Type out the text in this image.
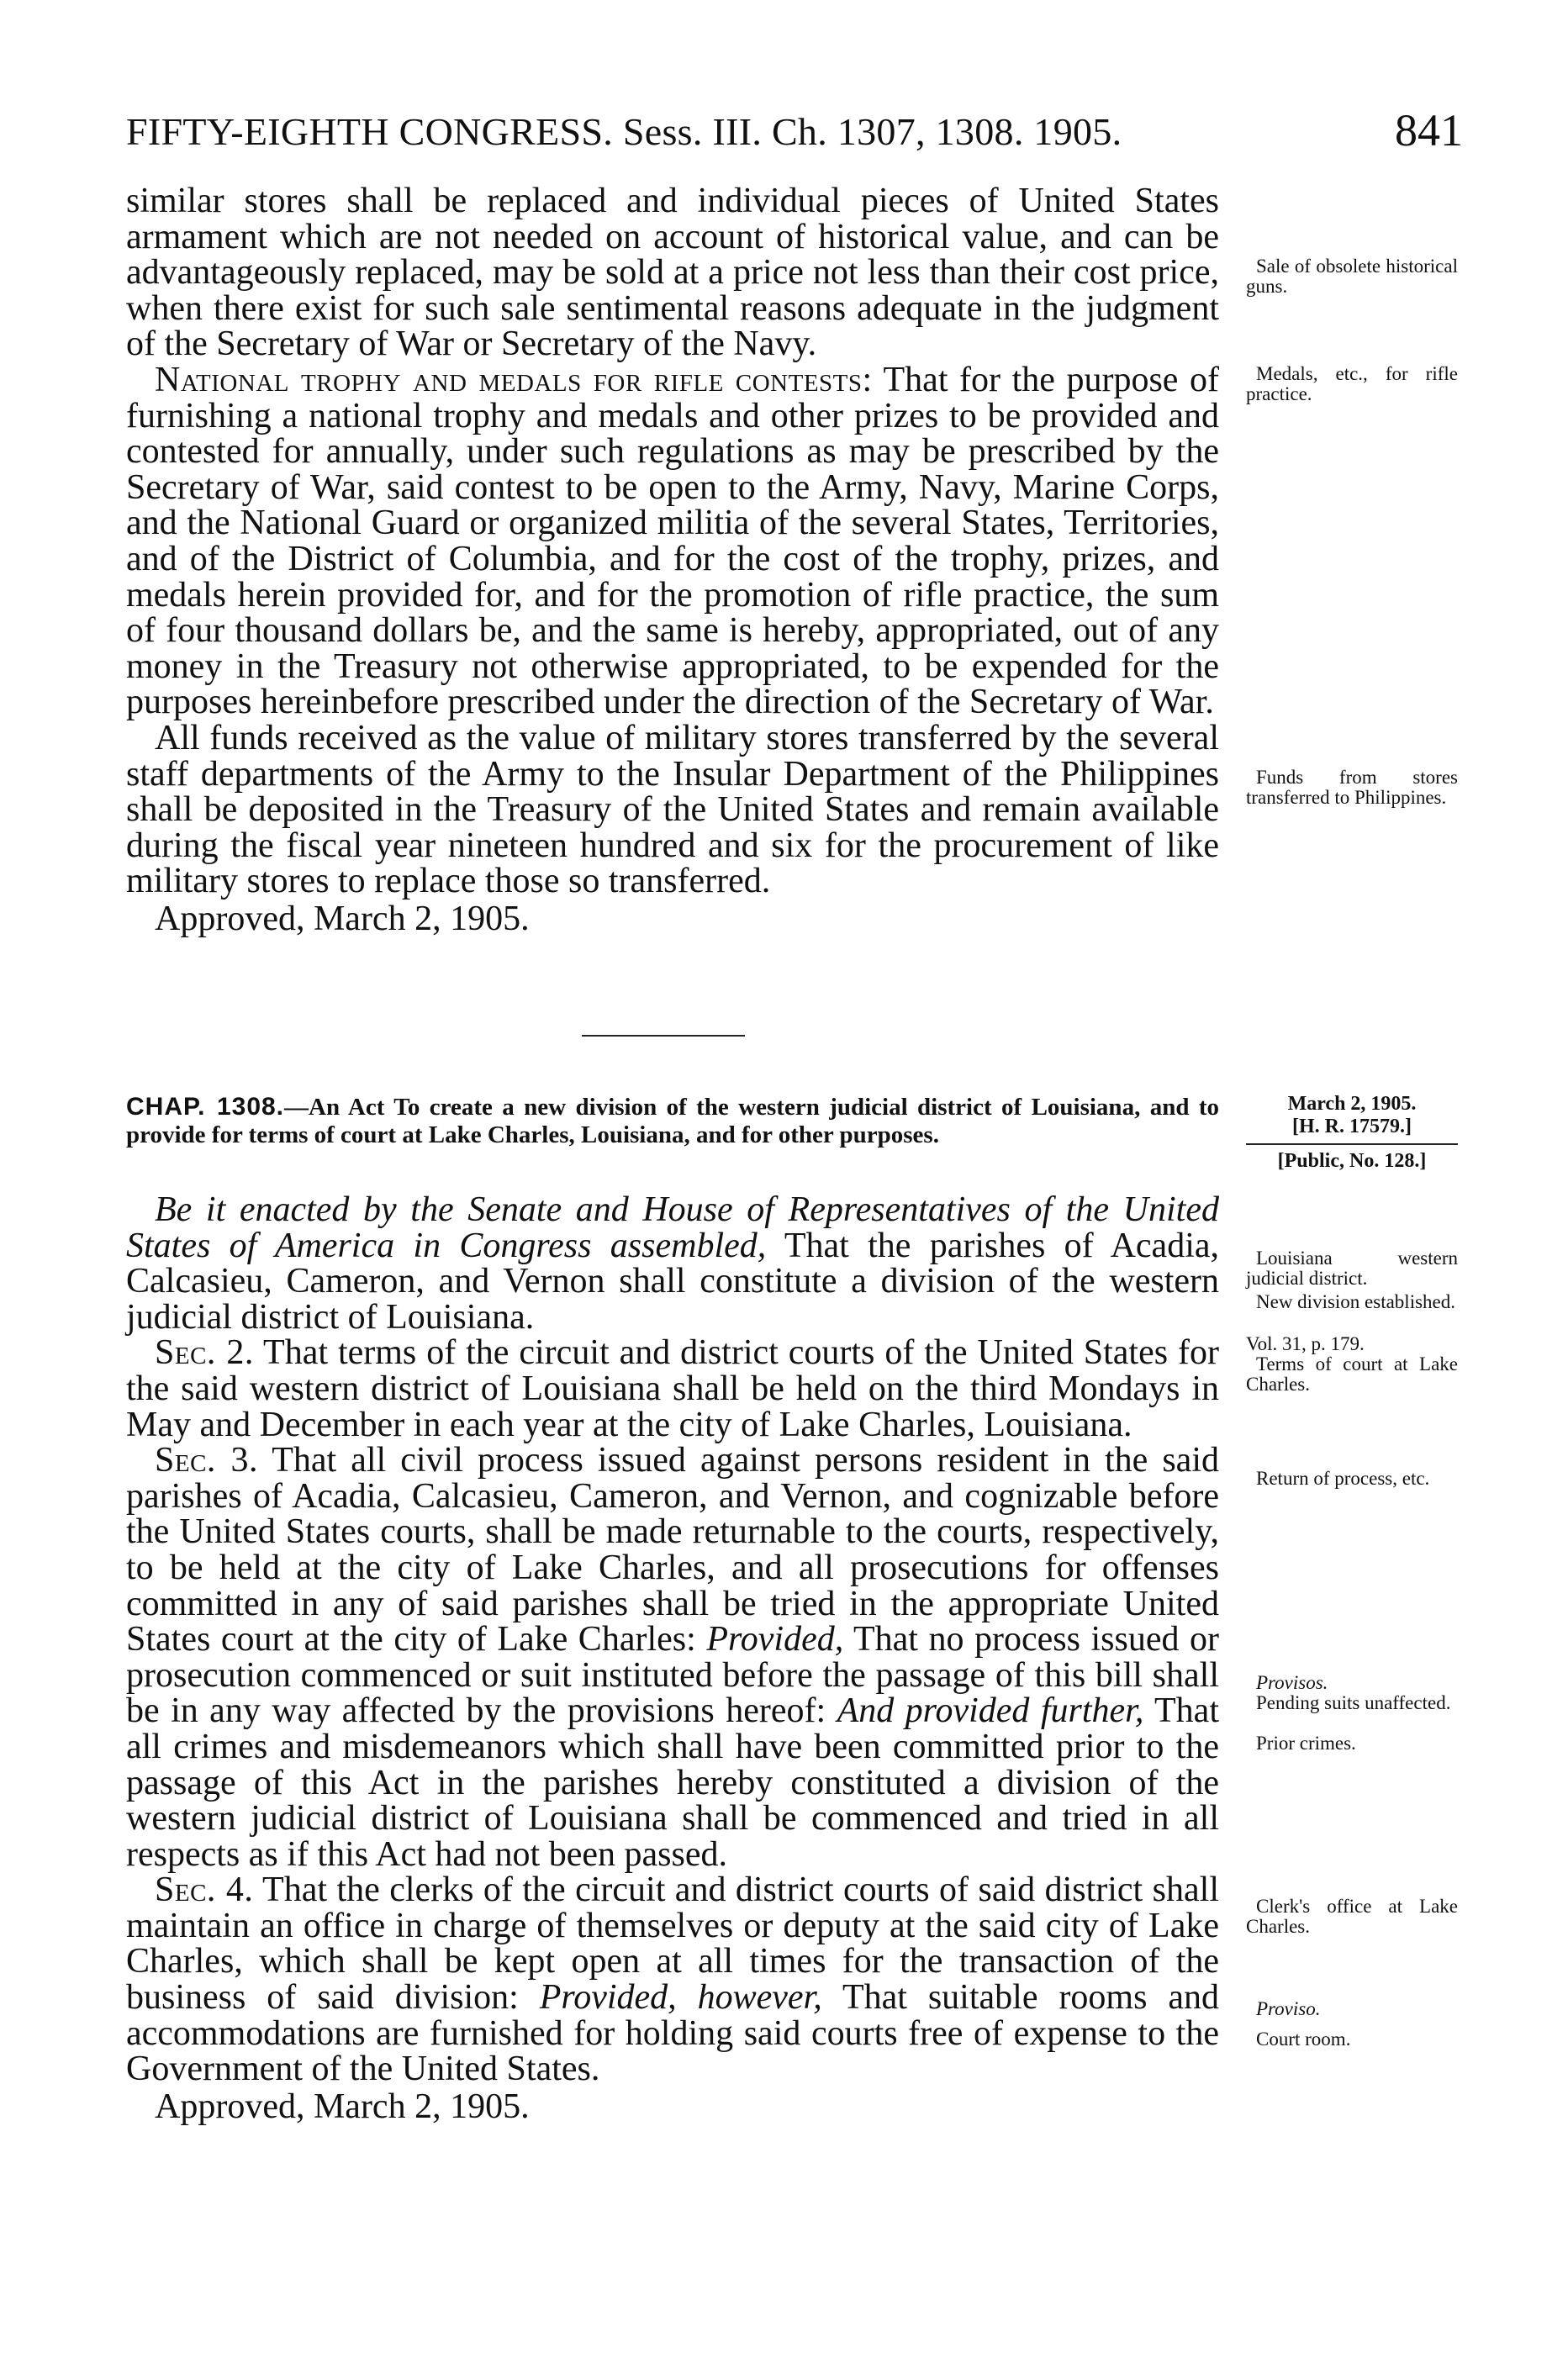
FIFTY-EIGHTH CONGRESS. Sess. III. Ch. 1307, 1308. 1905.	841

similar stores shall be replaced and individual pieces of United States armament which are not needed on account of historical value, and can be advantageously replaced, may be sold at a price not less than their cost price, when there exist for such sale sentimental reasons adequate in the judgment of the Secretary of War or Secretary of the Navy.

National trophy and medals for rifle contests: That for the purpose of furnishing a national trophy and medals and other prizes to be provided and contested for annually, under such regulations as may be prescribed by the Secretary of War, said contest to be open to the Army, Navy, Marine Corps, and the National Guard or organized militia of the several States, Territories, and of the District of Columbia, and for the cost of the trophy, prizes, and medals herein provided for, and for the promotion of rifle practice, the sum of four thousand dollars be, and the same is hereby, appropriated, out of any money in the Treasury not otherwise appropriated, to be expended for the purposes hereinbefore prescribed under the direction of the Secretary of War.

All funds received as the value of military stores transferred by the several staff departments of the Army to the Insular Department of the Philippines shall be deposited in the Treasury of the United States and remain available during the fiscal year nineteen hundred and six for the procurement of like military stores to replace those so transferred.

Approved, March 2, 1905.

Sale of obsolete historical guns.
Medals, etc., for rifle practice.
Funds from stores transferred to Philippines.
CHAP. 1308.—An Act To create a new division of the western judicial district of Louisiana, and to provide for terms of court at Lake Charles, Louisiana, and for other purposes.
March 2, 1905.
[H. R. 17579.]
[Public, No. 128.]

Be it enacted by the Senate and House of Representatives of the United States of America in Congress assembled, That the parishes of Acadia, Calcasieu, Cameron, and Vernon shall constitute a division of the western judicial district of Louisiana.

Sec. 2. That terms of the circuit and district courts of the United States for the said western district of Louisiana shall be held on the third Mondays in May and December in each year at the city of Lake Charles, Louisiana.

Sec. 3. That all civil process issued against persons resident in the said parishes of Acadia, Calcasieu, Cameron, and Vernon, and cognizable before the United States courts, shall be made returnable to the courts, respectively, to be held at the city of Lake Charles, and all prosecutions for offenses committed in any of said parishes shall be tried in the appropriate United States court at the city of Lake Charles: Provided, That no process issued or prosecution commenced or suit instituted before the passage of this bill shall be in any way affected by the provisions hereof: And provided further, That all crimes and misdemeanors which shall have been committed prior to the passage of this Act in the parishes hereby constituted a division of the western judicial district of Louisiana shall be commenced and tried in all respects as if this Act had not been passed.

Sec. 4. That the clerks of the circuit and district courts of said district shall maintain an office in charge of themselves or deputy at the said city of Lake Charles, which shall be kept open at all times for the transaction of the business of said division: Provided, however, That suitable rooms and accommodations are furnished for holding said courts free of expense to the Government of the United States.

Approved, March 2, 1905.

Louisiana western judicial district.
New division established.
Vol. 31, p. 179.
Terms of court at Lake Charles.
Return of process, etc.
Provisos.
Pending suits unaffected.
Prior crimes.
Clerk's office at Lake Charles.
Proviso.
Court room.
